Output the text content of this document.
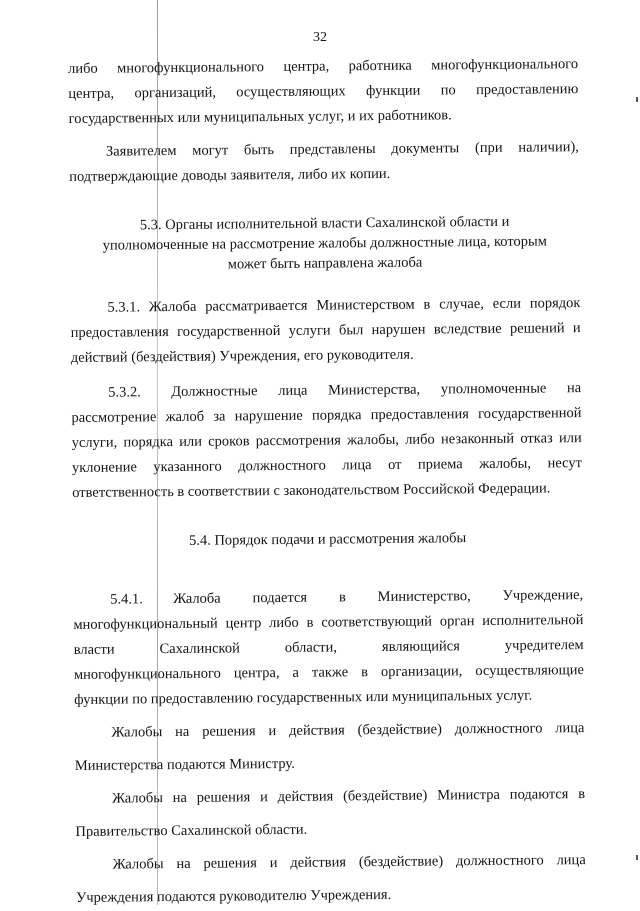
32

либо многофункционального центра, работника многофункционального

центра, организаций, осуществляющих функции по предоставлению

государственных или муниципальных услуг, и их работников.

Заявителем могут быть представлены документы (при наличии),

подтверждающие доводы заявителя, либо их копии.

5.3. Органы исполнительной власти Сахалинской области и

уполномоченные на рассмотрение жалобы должностные лица, которым

может быть направлена жалоба

5.3.1. Жалоба рассматривается Министерством в случае, если порядок

предоставления государственной услуги был нарушен вследствие решений и

действий (бездействия) Учреждения, его руководителя.

5.3.2.	Должностные лица Министерства, уполномоченные на

рассмотрение жалоб за нарушение порядка предоставления государственной

услуги, порядка или сроков рассмотрения жалобы, либо незаконный отказ или

уклонение указанного должностного лица от приема жалобы, несут

ответственность в соответствии с законодательством Российской Федерации.

5.4. Порядок подачи и рассмотрения жалобы

5.4.1.	Жалоба подается в Министерство, Учреждение,

многофункциональный центр либо в соответствующий орган исполнительной

власти Сахалинской области, являющийся учредителем

многофункционального центра, а также в организации, осуществляющие

функции по предоставлению государственных или муниципальных услуг.

Жалобы на решения и действия (бездействие) должностного лица

Министерства подаются Министру.

Жалобы на решения и действия (бездействие) Министра подаются в

Правительство Сахалинской области.

Жалобы на решения и действия (бездействие) должностного лица

Учреждения подаются руководителю Учреждения.
